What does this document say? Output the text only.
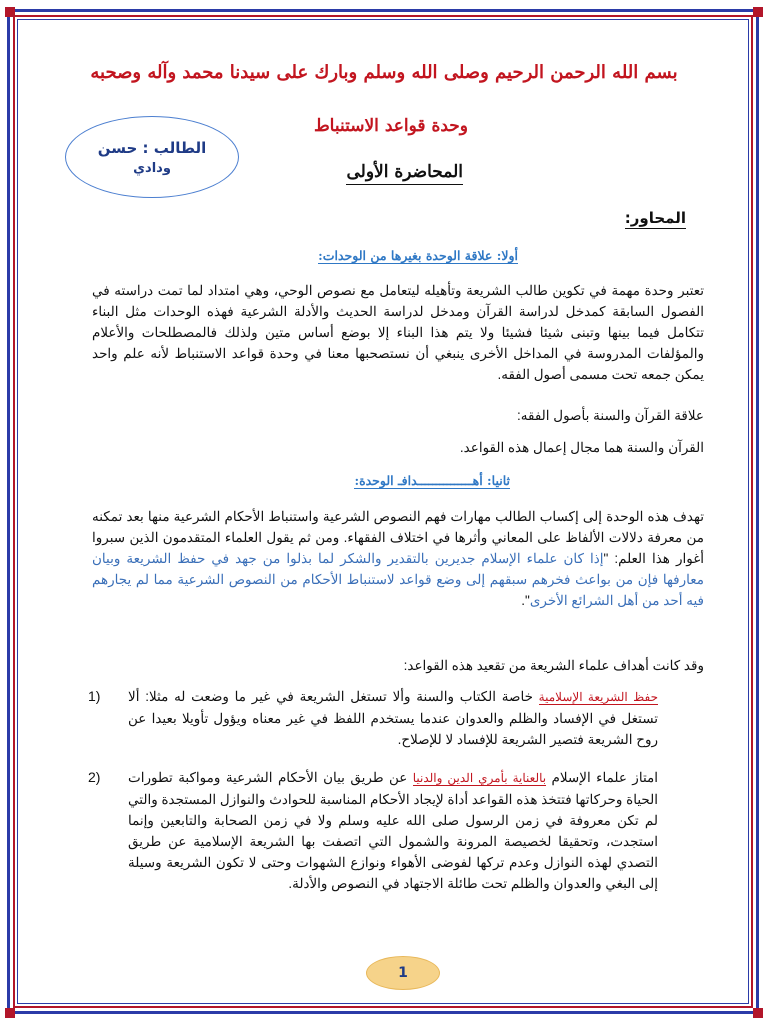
بسم الله الرحمن الرحيم وصلى الله وسلم وبارك على سيدنا محمد وآله وصحبه
وحدة قواعد الاستنباط
الطالب : حسن
ودادي	المحاضرة الأولى
المحاور:
أولا: علاقة الوحدة بغيرها من الوحدات:
تعتبر وحدة مهمة في تكوين طالب الشريعة وتأهيله ليتعامل مع نصوص الوحي، وهي امتداد لما تمت دراسته في الفصول السابقة كمدخل لدراسة القرآن ومدخل لدراسة الحديث والأدلة الشرعية فهذه الوحدات مثل البناء تتكامل فيما بينها وتبنى شيئا فشيئا ولا يتم هذا البناء إلا بوضع أساس متين ولذلك فالمصطلحات والأعلام والمؤلفات المدروسة في المداخل الأخرى ينبغي أن نستصحبها معنا في وحدة قواعد الاستنباط لأنه علم واحد يمكن جمعه تحت مسمى أصول الفقه.
علاقة القرآن والسنة بأصول الفقه:
القرآن والسنة هما مجال إعمال هذه القواعد.
ثانيا: أهـــــــــــــــدافـ الوحدة:
تهدف هذه الوحدة إلى إكساب الطالب مهارات فهم النصوص الشرعية واستنباط الأحكام الشرعية منها بعد تمكنه من معرفة دلالات الألفاظ على المعاني وأثرها في اختلاف الفقهاء. ومن ثم يقول العلماء المتقدمون الذين سبروا أغوار هذا العلم: "إذا كان علماء الإسلام جديرين بالتقدير والشكر لما بذلوا من جهد في حفظ الشريعة وبيان معارفها فإن من بواعث فخرهم سبقهم إلى وضع قواعد لاستنباط الأحكام من النصوص الشرعية مما لم يجارهم فيه أحد من أهل الشرائع الأخرى".
وقد كانت أهداف علماء الشريعة من تقعيد هذه القواعد:
1)	حفظ الشريعة الإسلامية خاصة الكتاب والسنة وألا تستغل الشريعة في غير ما وضعت له مثلا: ألا تستغل في الإفساد والظلم والعدوان عندما يستخدم اللفظ في غير معناه ويؤول تأويلا بعيدا عن روح الشريعة فتصير الشريعة للإفساد لا للإصلاح.
2)	امتاز علماء الإسلام بالعناية بأمري الدين والدنيا عن طريق بيان الأحكام الشرعية ومواكبة تطورات الحياة وحركاتها فتتخذ هذه القواعد أداة لإيجاد الأحكام المناسبة للحوادث والنوازل المستجدة والتي لم تكن معروفة في زمن الرسول صلى الله عليه وسلم ولا في زمن الصحابة والتابعين وإنما استجدت، وتحقيقا لخصيصة المرونة والشمول التي اتصفت بها الشريعة الإسلامية عن طريق التصدي لهذه النوازل وعدم تركها لفوضى الأهواء ونوازع الشهوات وحتى لا تكون الشريعة وسيلة إلى البغي والعدوان والظلم تحت طائلة الاجتهاد في النصوص والأدلة.
1
